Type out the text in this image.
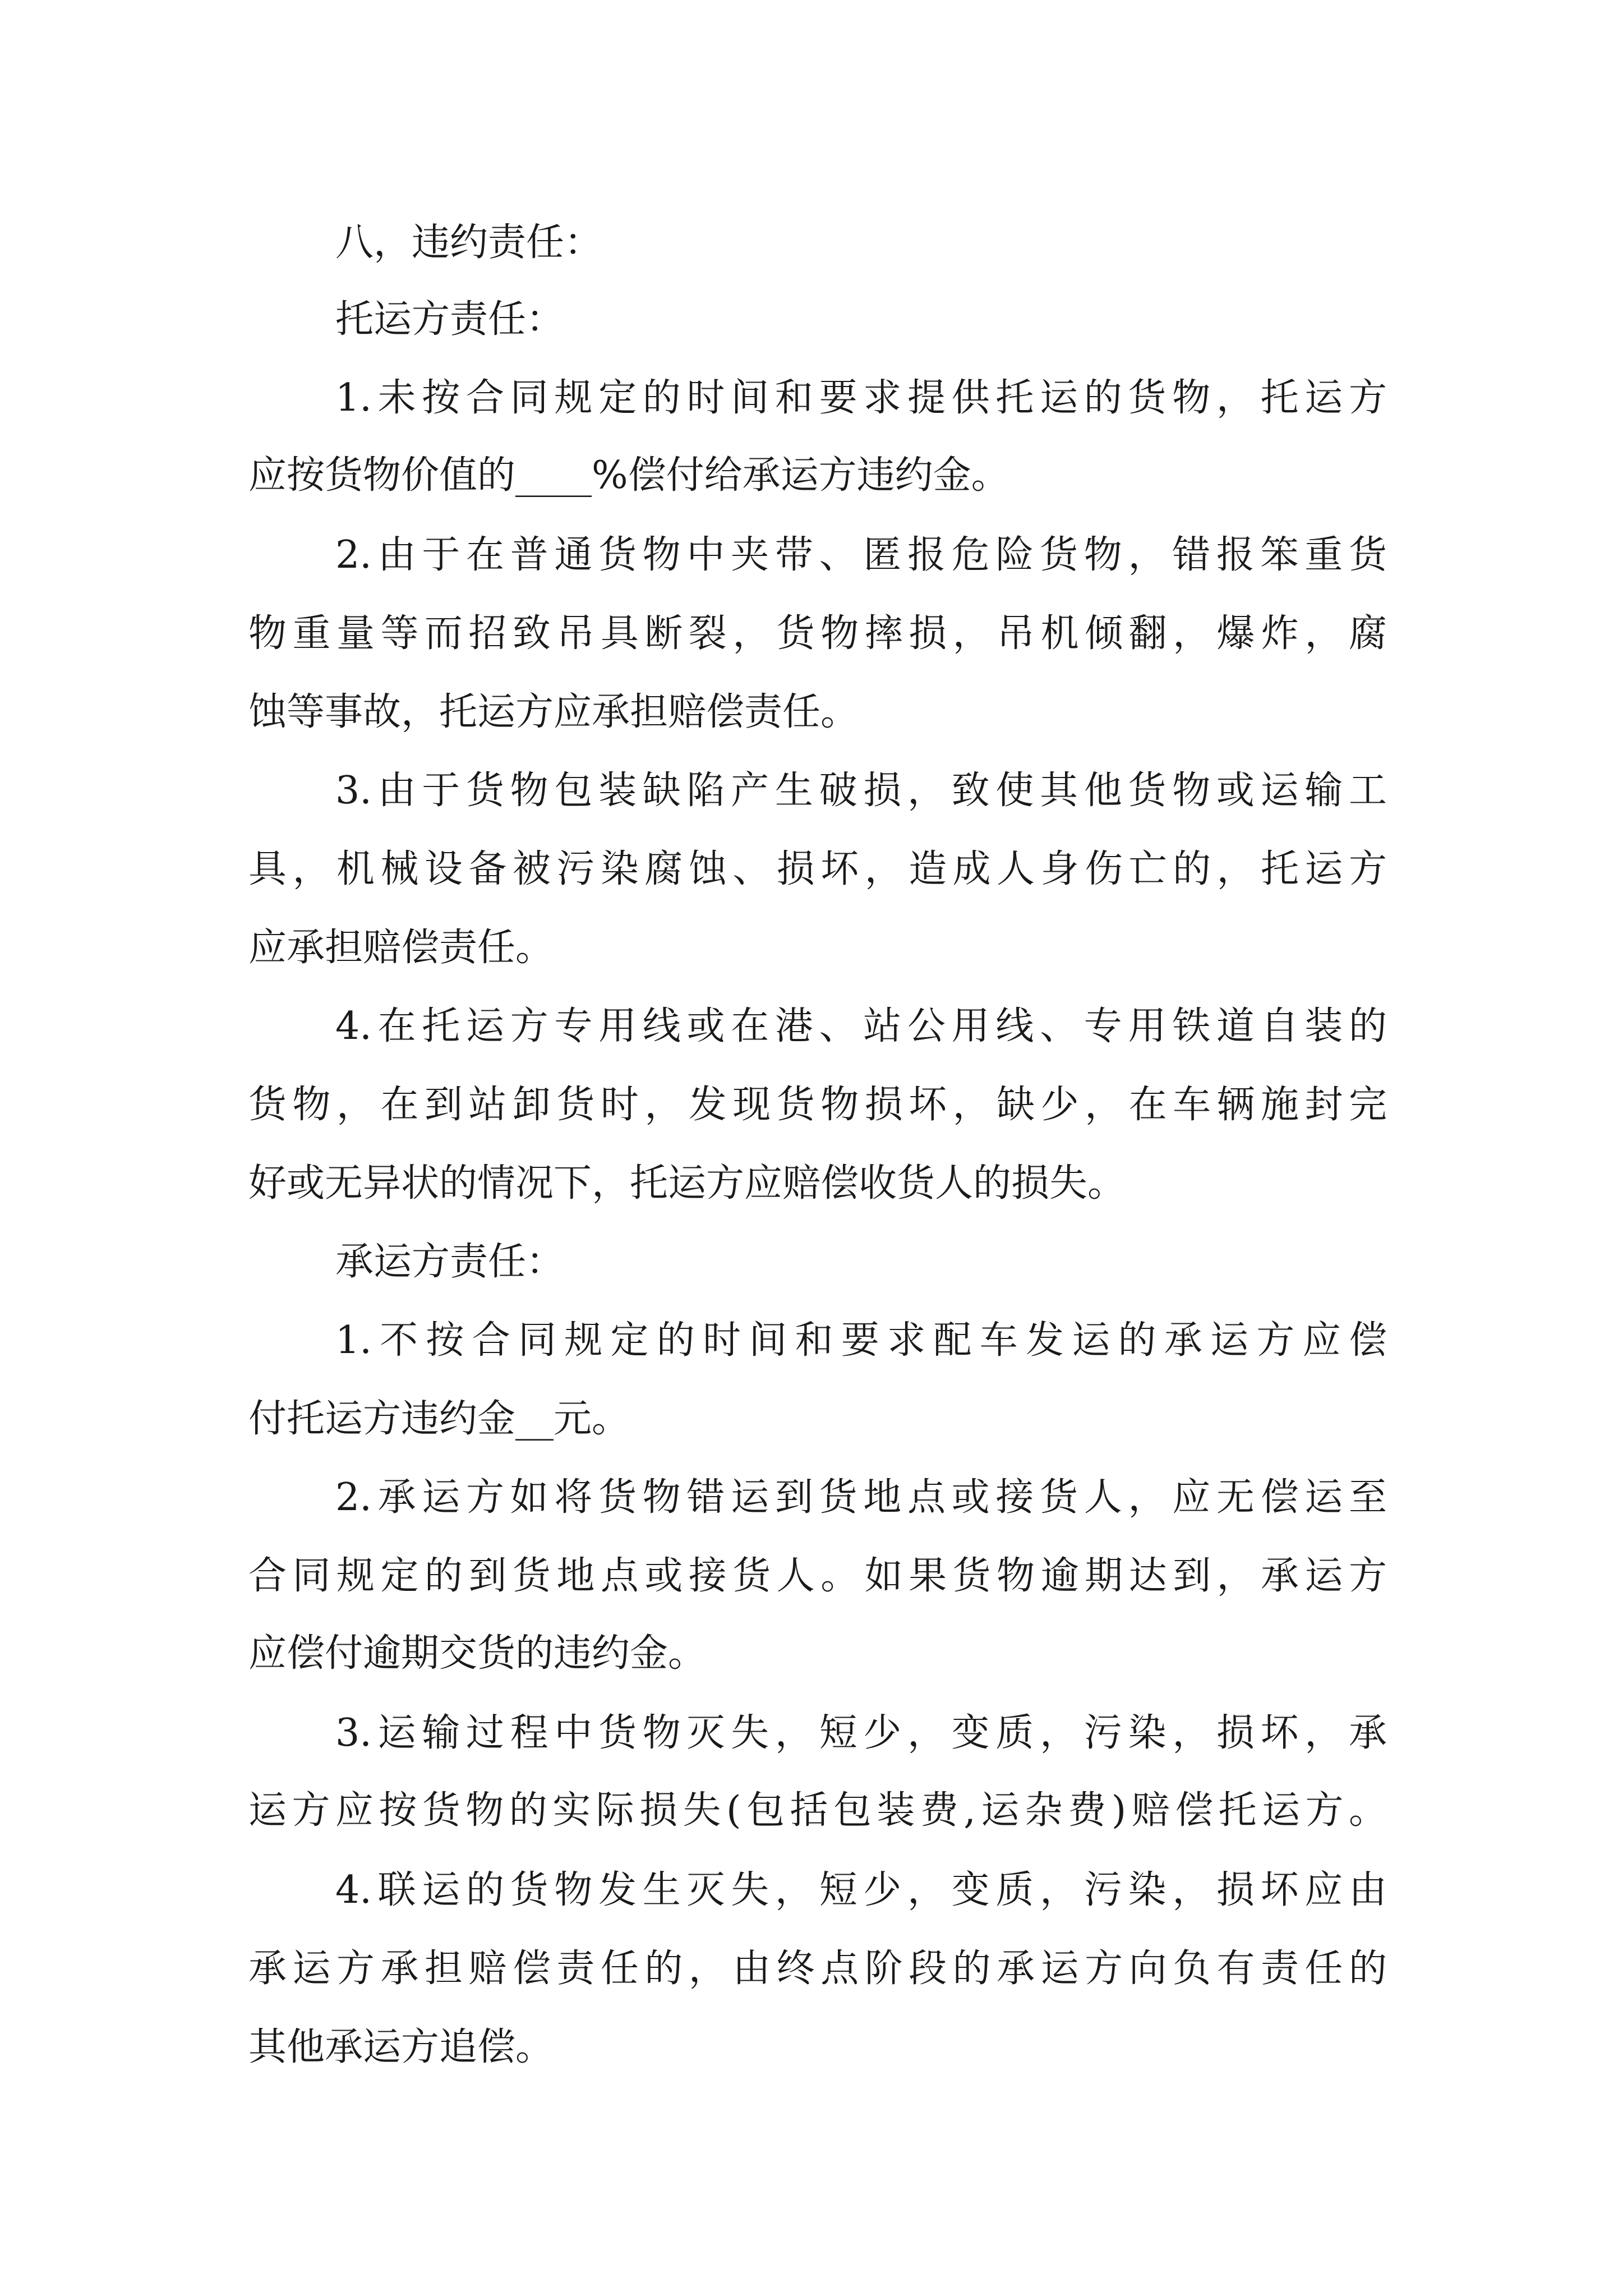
八，违约责任：
托运方责任：
1.未按合同规定的时间和要求提供托运的货物，托运方
应按货物价值的____%偿付给承运方违约金。
2.由于在普通货物中夹带、匿报危险货物，错报笨重货
物重量等而招致吊具断裂，货物摔损，吊机倾翻，爆炸，腐
蚀等事故，托运方应承担赔偿责任。
3.由于货物包装缺陷产生破损，致使其他货物或运输工
具，机械设备被污染腐蚀、损坏，造成人身伤亡的，托运方
应承担赔偿责任。
4.在托运方专用线或在港、站公用线、专用铁道自装的
货物，在到站卸货时，发现货物损坏，缺少，在车辆施封完
好或无异状的情况下，托运方应赔偿收货人的损失。
承运方责任：
1.不按合同规定的时间和要求配车发运的承运方应偿
付托运方违约金__元。
2.承运方如将货物错运到货地点或接货人，应无偿运至
合同规定的到货地点或接货人。如果货物逾期达到，承运方
应偿付逾期交货的违约金。
3.运输过程中货物灭失，短少，变质，污染，损坏，承
运方应按货物的实际损失(包括包装费,运杂费)赔偿托运方。
4.联运的货物发生灭失，短少，变质，污染，损坏应由
承运方承担赔偿责任的，由终点阶段的承运方向负有责任的
其他承运方追偿。
